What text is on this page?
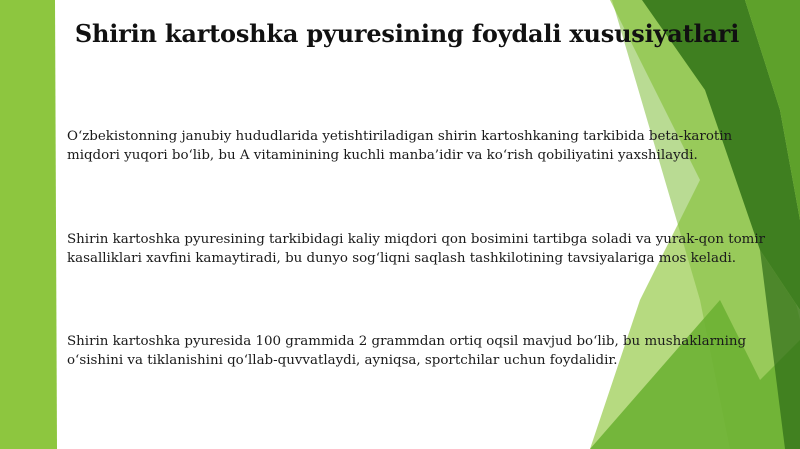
Shirin kartoshka pyuresining foydali xususiyatlari

O‘zbekistonning janubiy hududlarida yetishtiriladigan shirin kartoshkaning tarkibida beta-karotin miqdori yuqori bo‘lib, bu A vitaminining kuchli manba’idir va ko‘rish qobiliyatini yaxshilaydi.

Shirin kartoshka pyuresining tarkibidagi kaliy miqdori qon bosimini tartibga soladi va yurak-qon tomir kasalliklari xavfini kamaytiradi, bu dunyo sog‘liqni saqlash tashkilotining tavsiyalariga mos keladi.

Shirin kartoshka pyuresida 100 grammida 2 grammdan ortiq oqsil mavjud bo‘lib, bu mushaklarning o‘sishini va tiklanishini qo‘llab-quvvatlaydi, ayniqsa, sportchilar uchun foydalidir.
